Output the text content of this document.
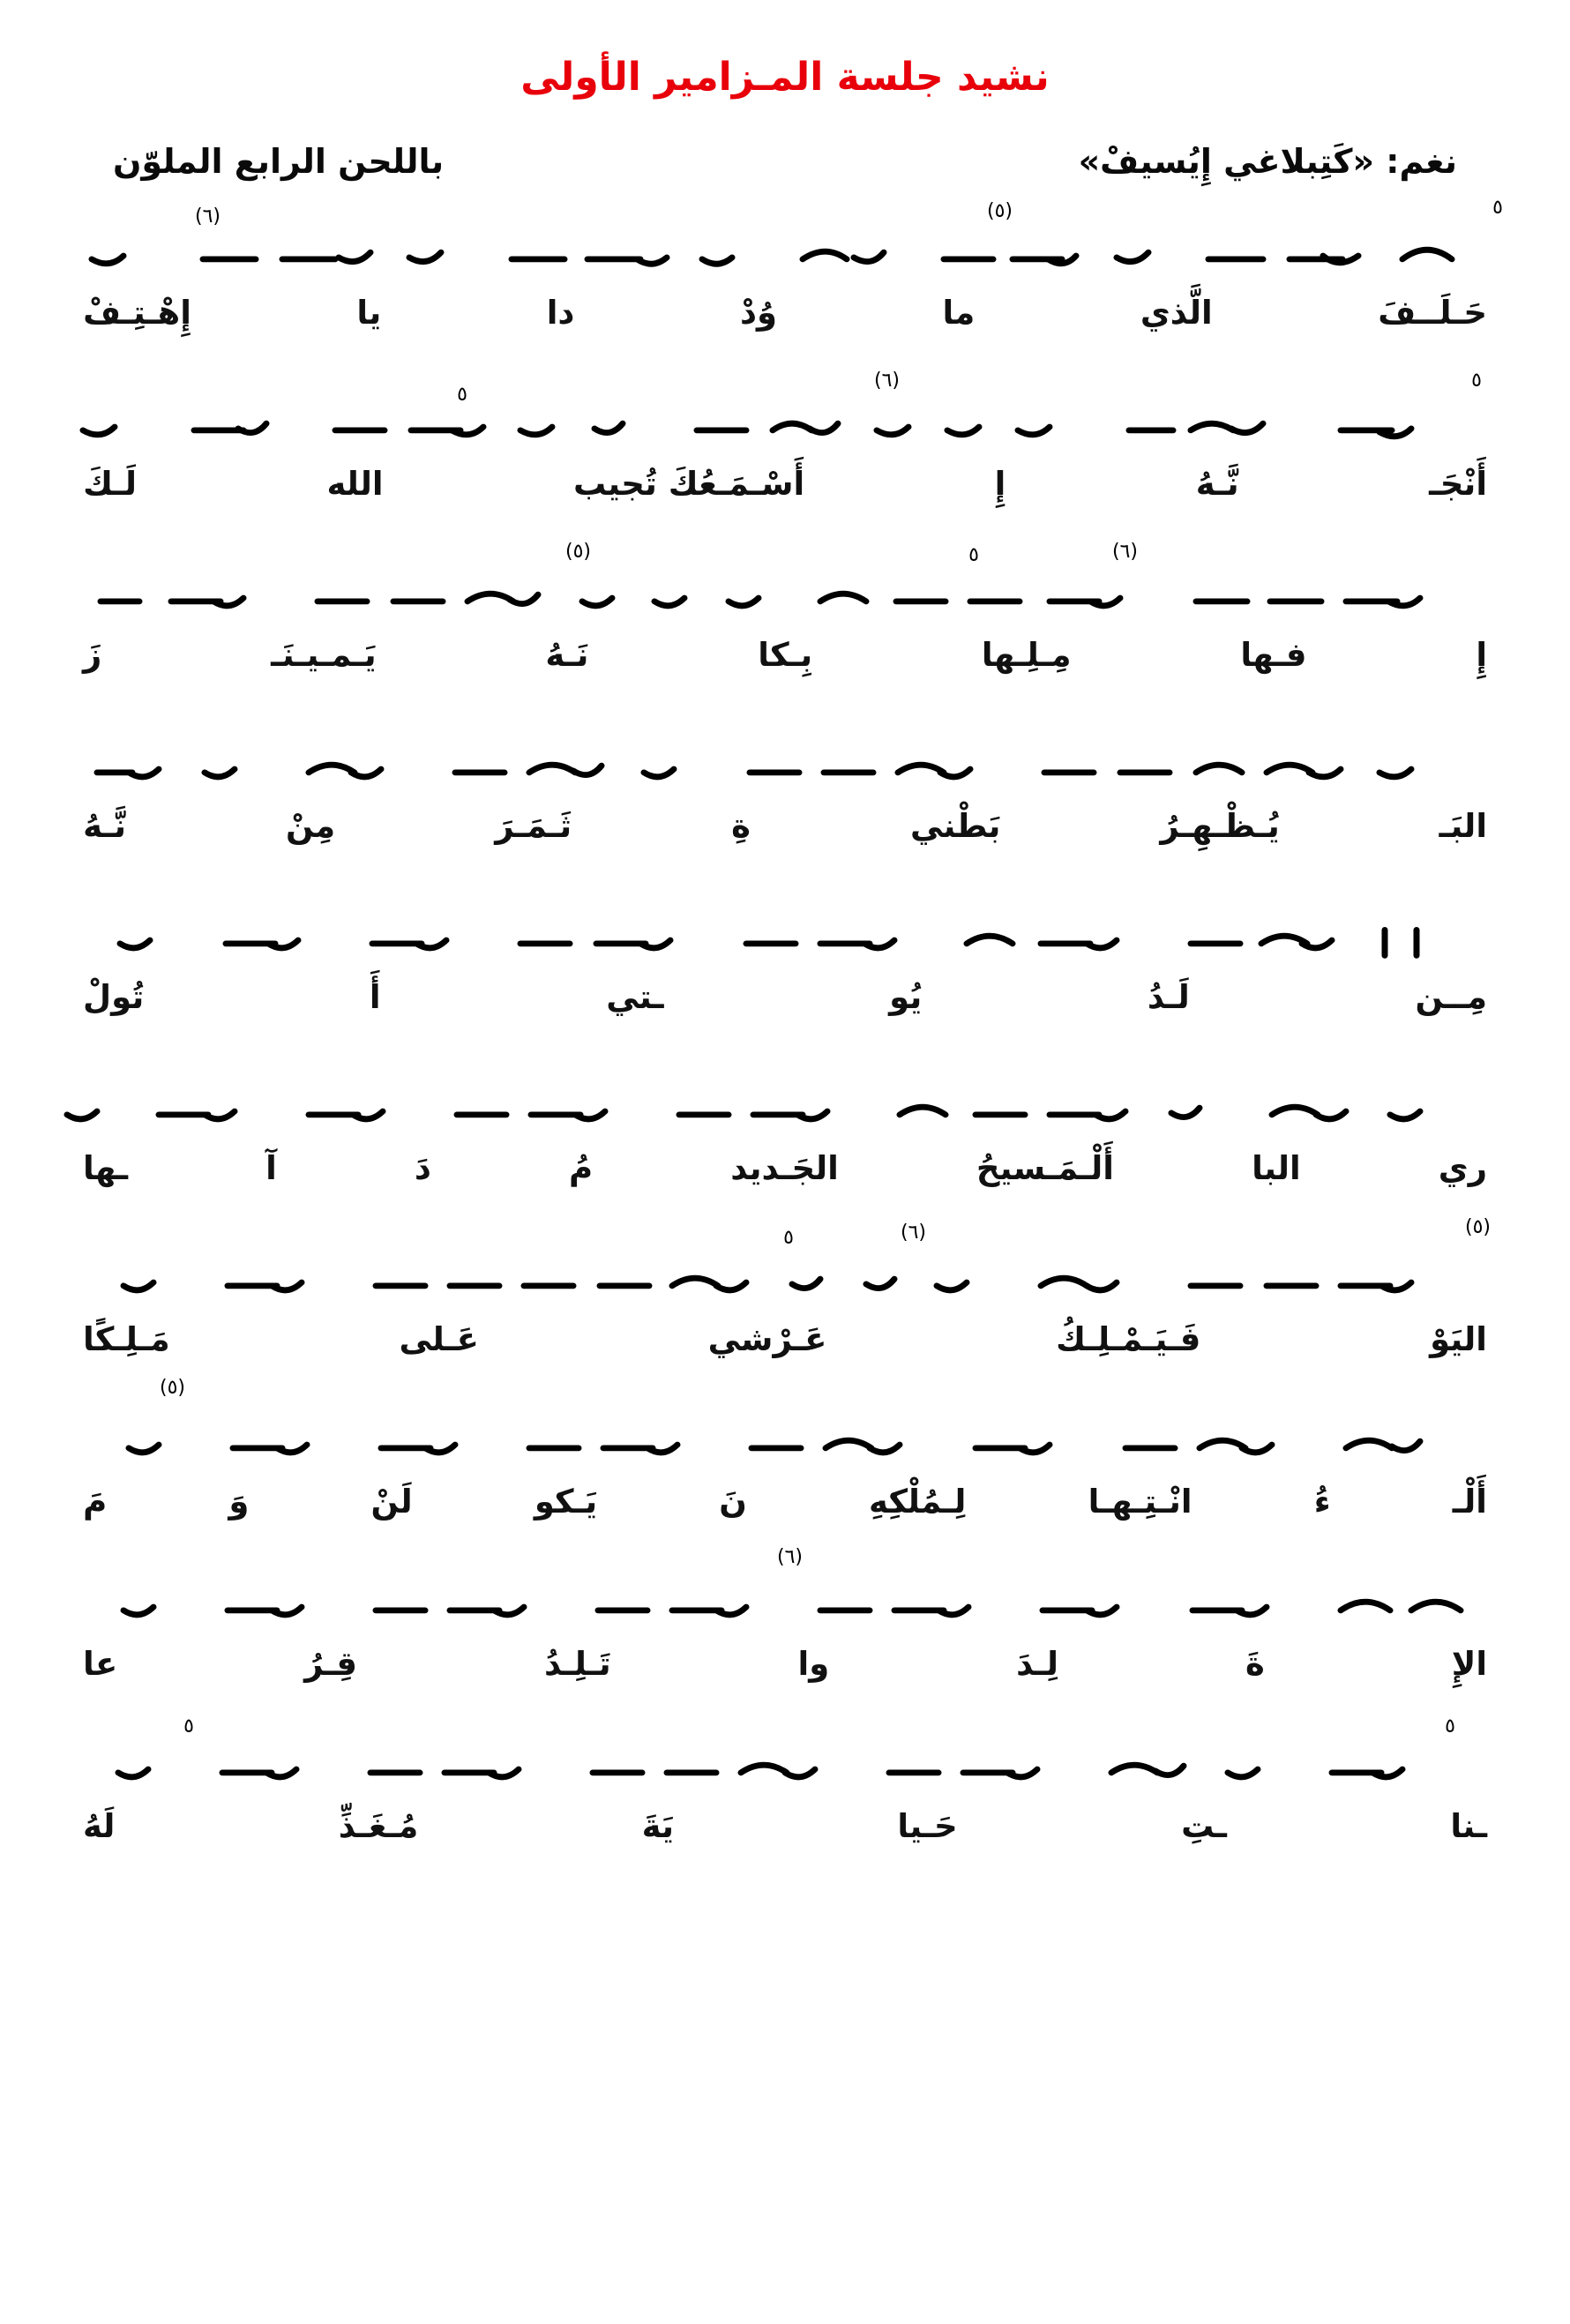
نشيد جلسة المـزامير الأولى
نغم: «كَتِبلاغي إِيُسيفْ»
باللحن الرابع الملوّن
٥
(٥)
(٦)
حَـلَــفَ
الَّذي
ما
وُدْ
دا
يا
إِهْـتِـفْ
٥
(٦)
٥
أَنْجَـ
نَّـهُ
إِ
أَسْـمَـعُكَ تُجيب
الله
لَـكَ
(٦)
٥
(٥)
إِ
فـها
مِـلِـها
بِـكا
نَـهُ
يَـمـيـنَـ
زَ
البَـ
يُـظْـهِـرُ
بَطْني
ةِ
ثَـمَـرَ
مِنْ
نَّـهُ
مِــن
لَـدُ
يُو
ـتي
أَ
تُولْ
ري
البا
أَلْـمَـسيحُ
الجَـديد
مُ
دَ
آ
ـها
(٥)
(٦)
٥
اليَوْ
فَـيَـمْـلِـكُ
عَـرْشي
عَـلى
مَـلِـكًا
(٥)
أَلْـ
ءُ
انْـتِـهـا
لِـمُلْكِهِ
نَ
يَـكو
لَنْ
وَ
مَ
(٦)
الإِ
ةَ
لِـدَ
وا
تَـلِـدُ
قِـرُ
عا
٥
٥
ـنا
ـتِ
حَـيا
يَةَ
مُـغَـذِّ
لَهُ
